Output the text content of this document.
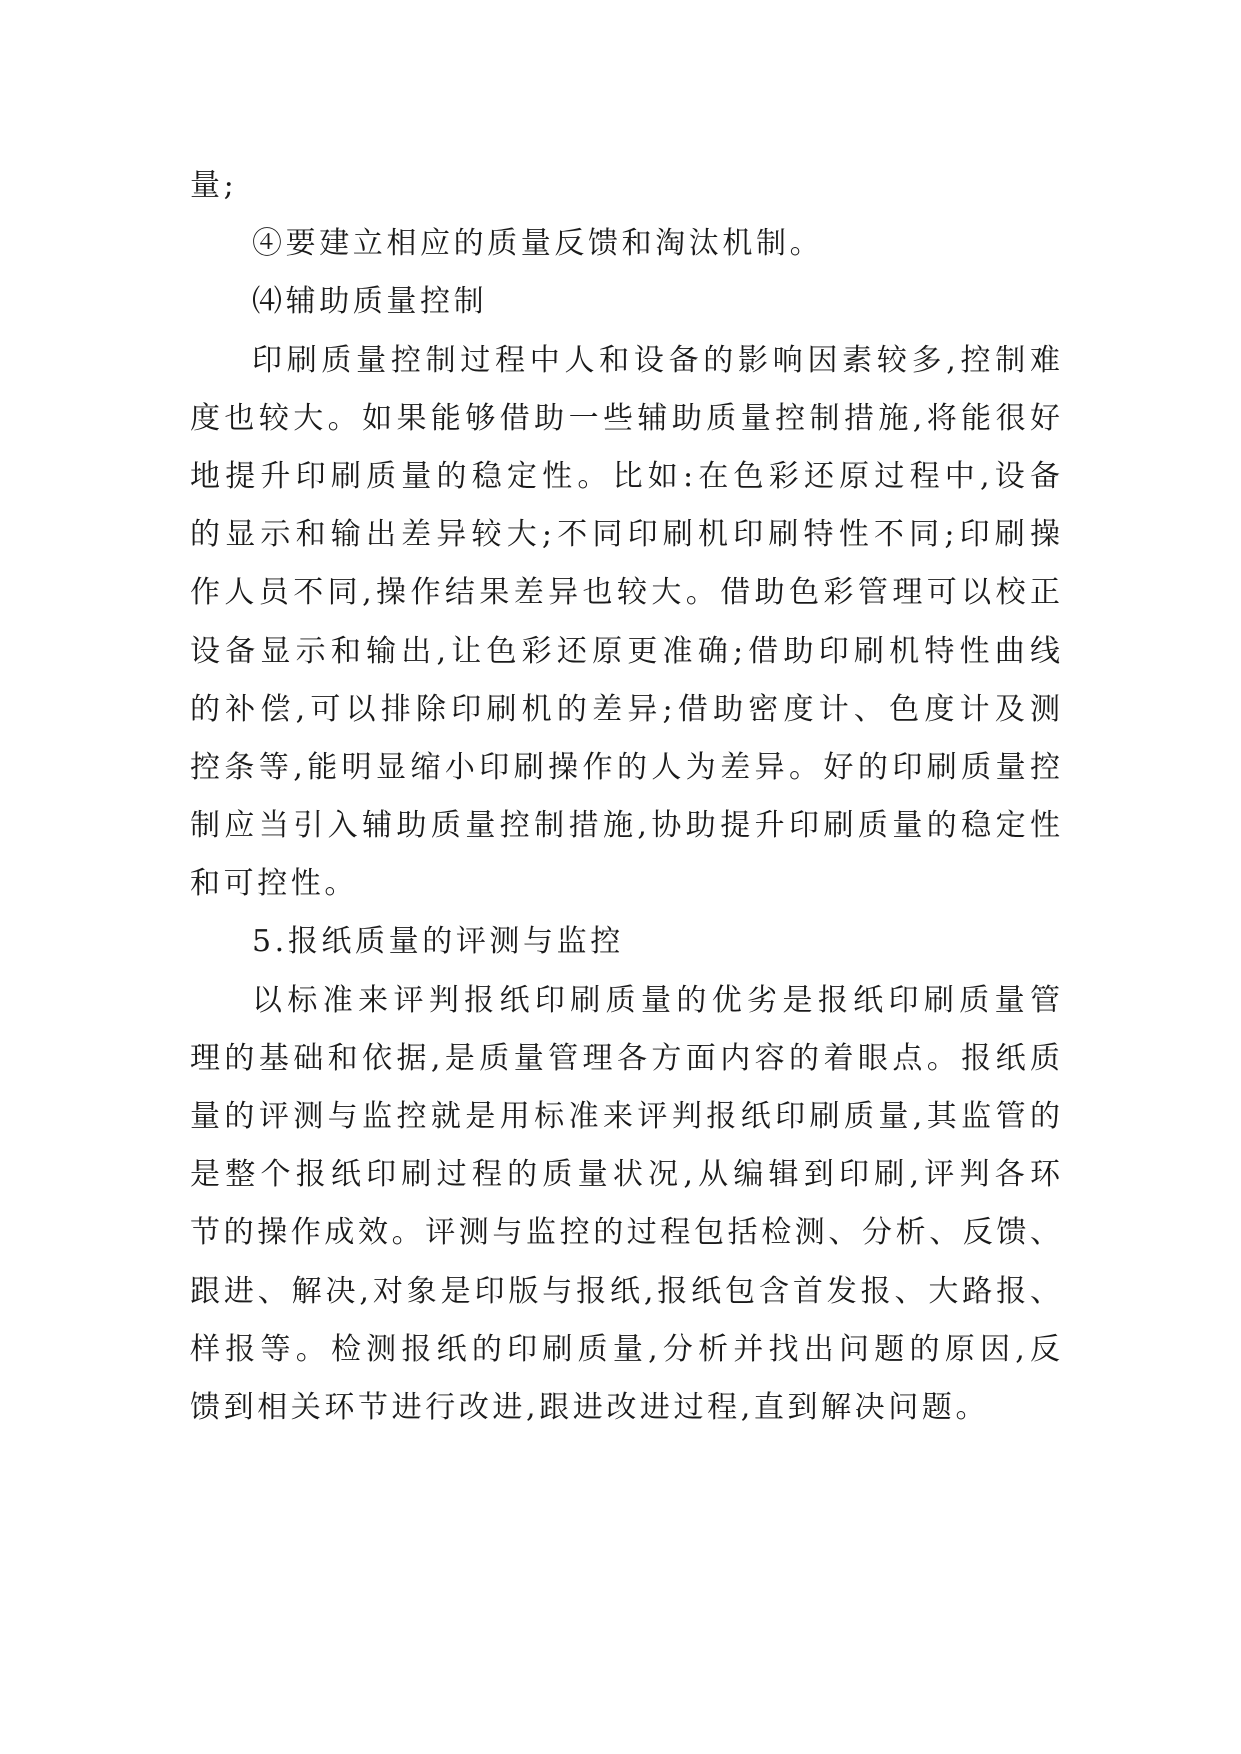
量;
④要建立相应的质量反馈和淘汰机制。
⑷辅助质量控制
印刷质量控制过程中人和设备的影响因素较多,控制难
度也较大。如果能够借助一些辅助质量控制措施,将能很好
地提升印刷质量的稳定性。比如:在色彩还原过程中,设备
的显示和输出差异较大;不同印刷机印刷特性不同;印刷操
作人员不同,操作结果差异也较大。借助色彩管理可以校正
设备显示和输出,让色彩还原更准确;借助印刷机特性曲线
的补偿,可以排除印刷机的差异;借助密度计、色度计及测
控条等,能明显缩小印刷操作的人为差异。好的印刷质量控
制应当引入辅助质量控制措施,协助提升印刷质量的稳定性
和可控性。
5.报纸质量的评测与监控
以标准来评判报纸印刷质量的优劣是报纸印刷质量管
理的基础和依据,是质量管理各方面内容的着眼点。报纸质
量的评测与监控就是用标准来评判报纸印刷质量,其监管的
是整个报纸印刷过程的质量状况,从编辑到印刷,评判各环
节的操作成效。评测与监控的过程包括检测、分析、反馈、
跟进、解决,对象是印版与报纸,报纸包含首发报、大路报、
样报等。检测报纸的印刷质量,分析并找出问题的原因,反
馈到相关环节进行改进,跟进改进过程,直到解决问题。
